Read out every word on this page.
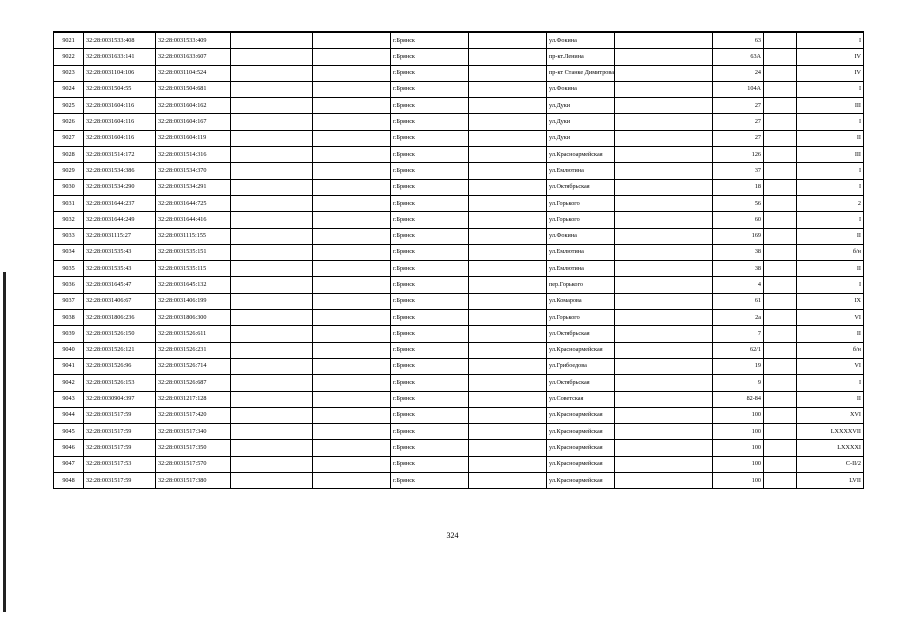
9021	32:28:0031533:408	32:28:0031533:409			г.Брянск		ул.Фокина		63		I
9022	32:28:0031633:141	32:28:0031633:607			г.Брянск		пр-кт.Ленина		63А		IV
9023	32:28:0031104:106	32:28:0031104:524			г.Брянск		пр-кт Станке Димитрова		24		IV
9024	32:28:0031504:55	32:28:0031504:681			г.Брянск		ул.Фокина		104А		I
9025	32:28:0031604:116	32:28:0031604:162			г.Брянск		ул.Дуки		27		III
9026	32:28:0031604:116	32:28:0031604:167			г.Брянск		ул.Дуки		27		I
9027	32:28:0031604:116	32:28:0031604:119			г.Брянск		ул.Дуки		27		II
9028	32:28:0031514:172	32:28:0031514:316			г.Брянск		ул.Красноармейская		126		III
9029	32:28:0031534:386	32:28:0031534:370			г.Брянск		ул.Емлютина		37		I
9030	32:28:0031534:290	32:28:0031534:291			г.Брянск		ул.Октябрьская		18		I
9031	32:28:0031644:237	32:28:0031644:725			г.Брянск		ул.Горького		56		2
9032	32:28:0031644:249	32:28:0031644:416			г.Брянск		ул.Горького		60		I
9033	32:28:0031115:27	32:28:0031115:155			г.Брянск		ул.Фокина		169		II
9034	32:28:0031535:43	32:28:0031535:151			г.Брянск		ул.Емлютина		38		б/н
9035	32:28:0031535:43	32:28:0031535:115			г.Брянск		ул.Емлютина		38		II
9036	32:28:0031645:47	32:28:0031645:132			г.Брянск		пер.Горького		4		I
9037	32:28:0031406:67	32:28:0031406:199			г.Брянск		ул.Комарова		61		IX
9038	32:28:0031806:236	32:28:0031806:300			г.Брянск		ул.Горького		2а		VI
9039	32:28:0031526:150	32:28:0031526:611			г.Брянск		ул.Октябрьская		7		II
9040	32:28:0031526:121	32:28:0031526:231			г.Брянск		ул.Красноармейская		62/1		б/н
9041	32:28:0031526:96	32:28:0031526:714			г.Брянск		ул.Грибоедова		19		VI
9042	32:28:0031526:153	32:28:0031526:687			г.Брянск		ул.Октябрьская		9		I
9043	32:28:0030904:397	32:28:0031217:128			г.Брянск		ул.Советская		82-84		II
9044	32:28:0031517:59	32:28:0031517:420			г.Брянск		ул.Красноармейская		100		XVI
9045	32:28:0031517:59	32:28:0031517:340			г.Брянск		ул.Красноармейская		100		LXXXXVII
9046	32:28:0031517:59	32:28:0031517:350			г.Брянск		ул.Красноармейская		100		LXXXXI
9047	32:28:0031517:53	32:28:0031517:570			г.Брянск		ул.Красноармейская		100		C-II/2
9048	32:28:0031517:59	32:28:0031517:380			г.Брянск		ул.Красноармейская		100		LVII
324
